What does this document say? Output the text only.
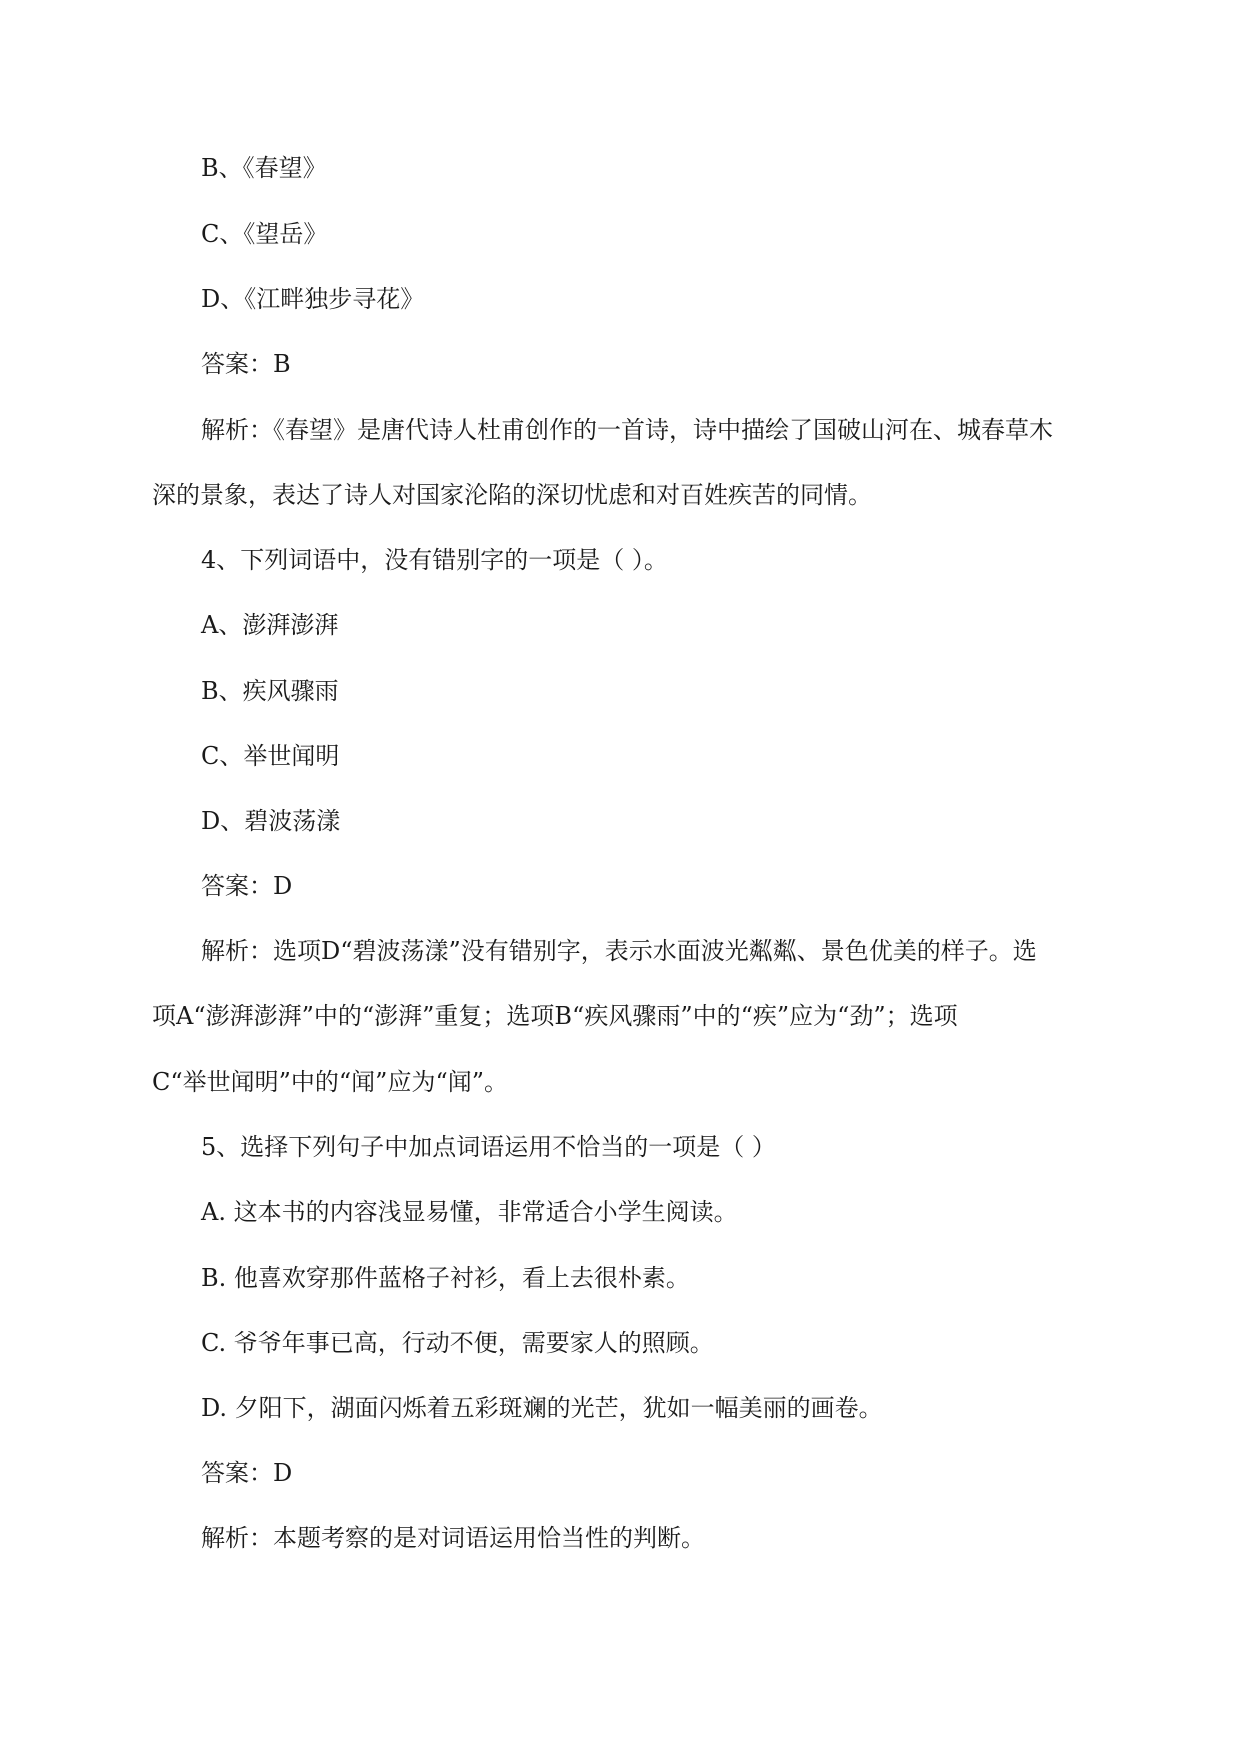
B、《春望》
C、《望岳》
D、《江畔独步寻花》
答案：B
解析：《春望》是唐代诗人杜甫创作的一首诗，诗中描绘了国破山河在、城春草木
深的景象，表达了诗人对国家沦陷的深切忧虑和对百姓疾苦的同情。
4、下列词语中，没有错别字的一项是（ ）。
A、澎湃澎湃
B、疾风骤雨
C、举世闻明
D、碧波荡漾
答案：D
解析：选项D“碧波荡漾”没有错别字，表示水面波光粼粼、景色优美的样子。选
项A“澎湃澎湃”中的“澎湃”重复；选项B“疾风骤雨”中的“疾”应为“劲”；选项
C“举世闻明”中的“闻”应为“闻”。
5、选择下列句子中加点词语运用不恰当的一项是（ ）
A. 这本书的内容浅显易懂，非常适合小学生阅读。
B. 他喜欢穿那件蓝格子衬衫，看上去很朴素。
C. 爷爷年事已高，行动不便，需要家人的照顾。
D. 夕阳下，湖面闪烁着五彩斑斓的光芒，犹如一幅美丽的画卷。
答案：D
解析：本题考察的是对词语运用恰当性的判断。
